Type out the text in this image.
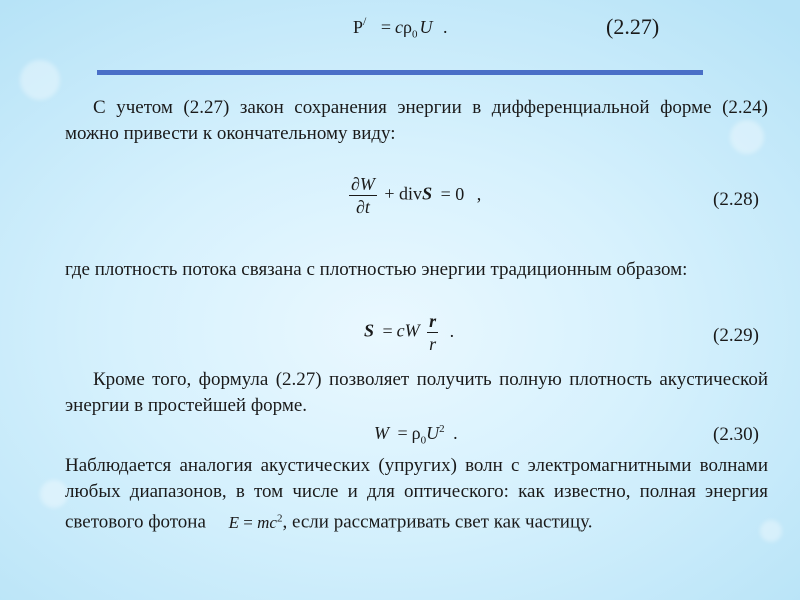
$P^/ = c\rho_0$ U .	(2.27)
С учетом (2.27) закон сохранения энергии в дифференциальной форме (2.24) можно привести к окончательному виду:
$\frac{\partial W}{\partial t}$ + divS = 0 ,	(2.28)
где плотность потока связана с плотностью энергии традиционным образом:
S = cW $\frac{r}{r}$ .	(2.29)
Кроме того, формула (2.27) позволяет получить полную плотность акустической энергии в простейшей форме.
$W = \rho_0U^2$ .	(2.30)
Наблюдается аналогия акустических (упругих) волн с электромагнитными волнами любых диапазонов, в том числе и для оптического: как известно, полная энергия светового фотона $E = mc^2$, если рассматривать свет как частицу.
